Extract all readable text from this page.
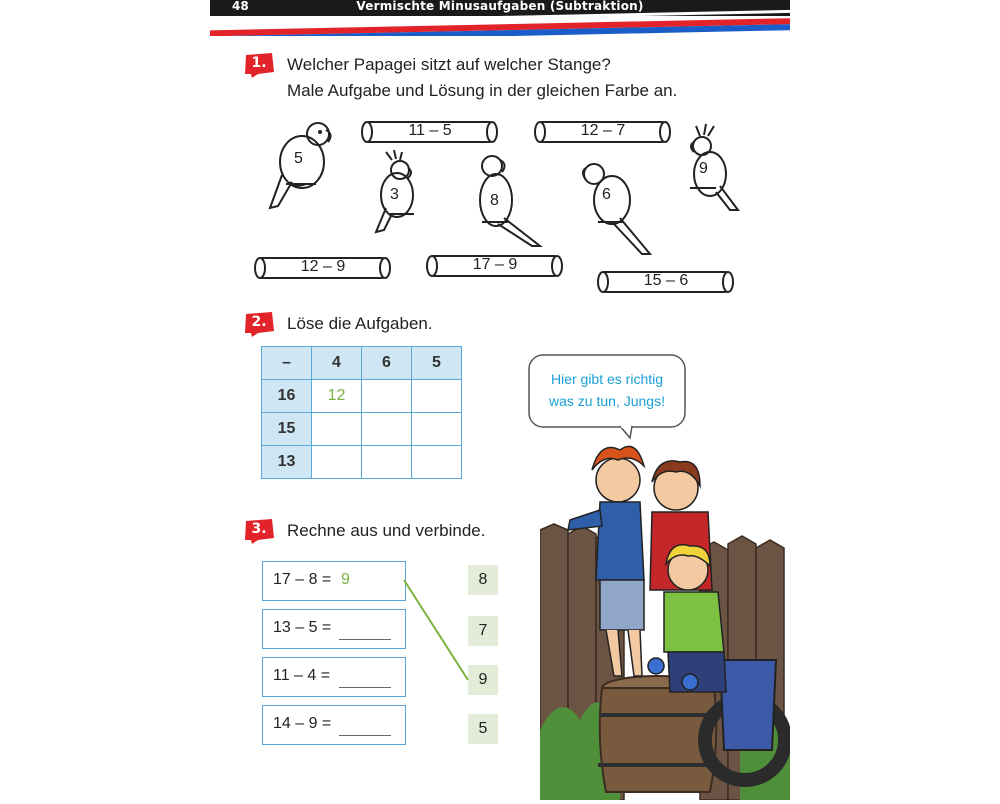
48	Vermischte Minusaufgaben (Subtraktion)
1.	Welcher Papagei sitzt auf welcher Stange?
Male Aufgabe und Lösung in der gleichen Farbe an.
5
3	8	6
9
11 – 5	12 – 7
12 – 9	17 – 9
15 – 6
2.	Löse die Aufgaben.
–	4	6	5
16	12		
15			
13			
3.	Rechne aus und verbinde.
17 – 8 = 9
13 – 5 =
11 – 4 =
14 – 9 =
8
7
9
5
Hier gibt es richtig
was zu tun, Jungs!
